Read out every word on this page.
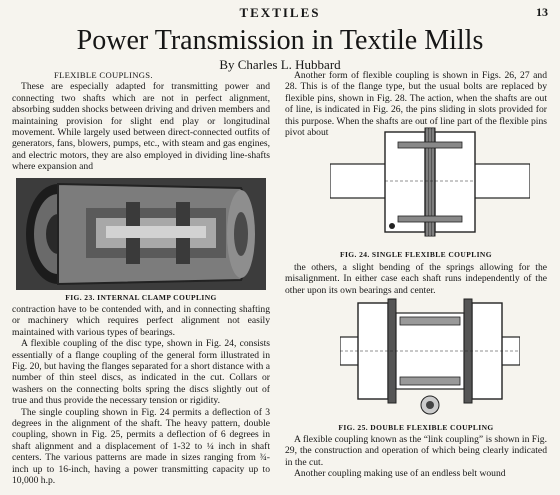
TEXTILES	13
Power Transmission in Textile Mills
By Charles L. Hubbard

FLEXIBLE COUPLINGS.

These are especially adapted for transmitting power and connecting two shafts which are not in perfect alignment, absorbing sudden shocks between driving and driven members and maintaining provision for slight end play or longitudinal movement. While largely used between direct-connected outfits of generators, fans, blowers, pumps, etc., with steam and gas engines, and electric motors, they are also employed in dividing line-shafts where expansion and

FIG. 23. INTERNAL CLAMP COUPLING

contraction have to be contended with, and in connecting shafting or machinery which requires perfect alignment not easily maintained with various types of bearings.

A flexible coupling of the disc type, shown in Fig. 24, consists essentially of a flange coupling of the general form illustrated in Fig. 20, but having the flanges separated for a short distance with a number of thin steel discs, as indicated in the cut. Collars or washers on the connecting bolts spring the discs slightly out of true and thus provide the necessary tension or rigidity.

The single coupling shown in Fig. 24 permits a deflection of 3 degrees in the alignment of the shaft. The heavy pattern, double coupling, shown in Fig. 25, permits a deflection of 6 degrees in shaft alignment and a displacement of 1-32 to ¼ inch in shaft centers. The various patterns are made in sizes ranging from ¾-inch up to 16-inch, having a power transmitting capacity up to 10,000 h.p.

Another form of flexible coupling is shown in Figs. 26, 27 and 28. This is of the flange type, but the usual bolts are replaced by flexible pins, shown in Fig. 28. The action, when the shafts are out of line, is indicated in Fig. 26, the pins sliding in slots provided for this purpose. When the shafts are out of line part of the flexible pins pivot about

FIG. 24. SINGLE FLEXIBLE COUPLING

the others, a slight bending of the springs allowing for the misalignment. In either case each shaft runs independently of the other upon its own bearings and center.

FIG. 25. DOUBLE FLEXIBLE COUPLING

A flexible coupling known as the “link coupling” is shown in Fig. 29, the construction and operation of which being clearly indicated in the cut.

Another coupling making use of an endless belt wound
